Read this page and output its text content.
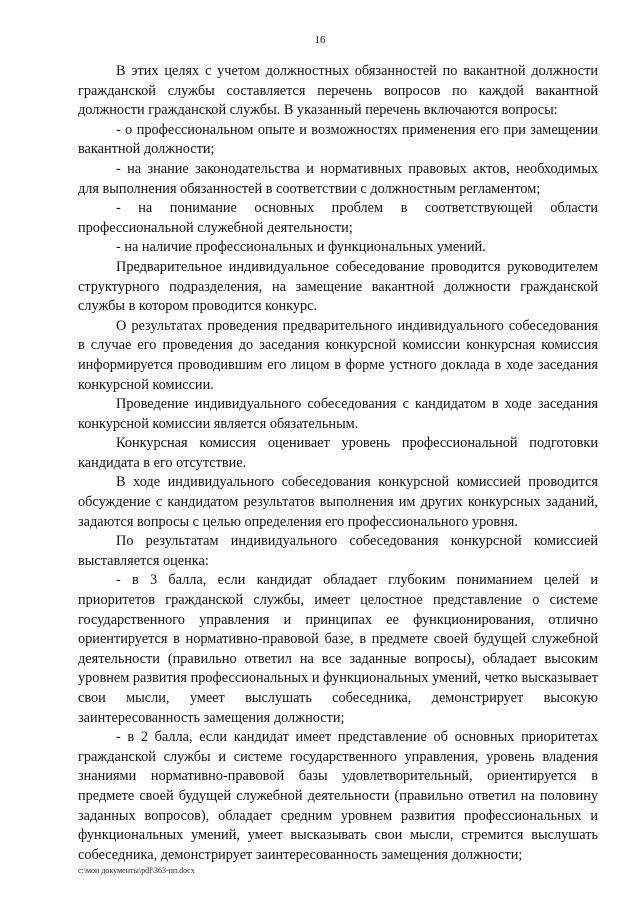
16

В этих целях с учетом должностных обязанностей по вакантной должности гражданской службы составляется перечень вопросов по каждой вакантной должности гражданской службы. В указанный перечень включаются вопросы:

- о профессиональном опыте и возможностях применения его при замещении вакантной должности;

- на знание законодательства и нормативных правовых актов, необходимых для выполнения обязанностей в соответствии с должностным регламентом;

- на понимание основных проблем в соответствующей области профессиональной служебной деятельности;

- на наличие профессиональных и функциональных умений.

Предварительное индивидуальное собеседование проводится руководителем структурного подразделения, на замещение вакантной должности гражданской службы в котором проводится конкурс.

О результатах проведения предварительного индивидуального собеседования в случае его проведения до заседания конкурсной комиссии конкурсная комиссия информируется проводившим его лицом в форме устного доклада в ходе заседания конкурсной комиссии.

Проведение индивидуального собеседования с кандидатом в ходе заседания конкурсной комиссии является обязательным.

Конкурсная комиссия оценивает уровень профессиональной подготовки кандидата в его отсутствие.

В ходе индивидуального собеседования конкурсной комиссией проводится обсуждение с кандидатом результатов выполнения им других конкурсных заданий, задаются вопросы с целью определения его профессионального уровня.

По результатам индивидуального собеседования конкурсной комиссией выставляется оценка:

- в 3 балла, если кандидат обладает глубоким пониманием целей и приоритетов гражданской службы, имеет целостное представление о системе государственного управления и принципах ее функционирования, отлично ориентируется в нормативно-правовой базе, в предмете своей будущей служебной деятельности (правильно ответил на все заданные вопросы), обладает высоким уровнем развития профессиональных и функциональных умений, четко высказывает свои мысли, умеет выслушать собеседника, демонстрирует высокую заинтересованность замещения должности;

- в 2 балла, если кандидат имеет представление об основных приоритетах гражданской службы и системе государственного управления, уровень владения знаниями нормативно-правовой базы удовлетворительный, ориентируется в предмете своей будущей служебной деятельности (правильно ответил на половину заданных вопросов), обладает средним уровнем развития профессиональных и функциональных умений, умеет высказывать свои мысли, стремится выслушать собеседника, демонстрирует заинтересованность замещения должности;

c:\мои документы\pdf\363-пп.docx
